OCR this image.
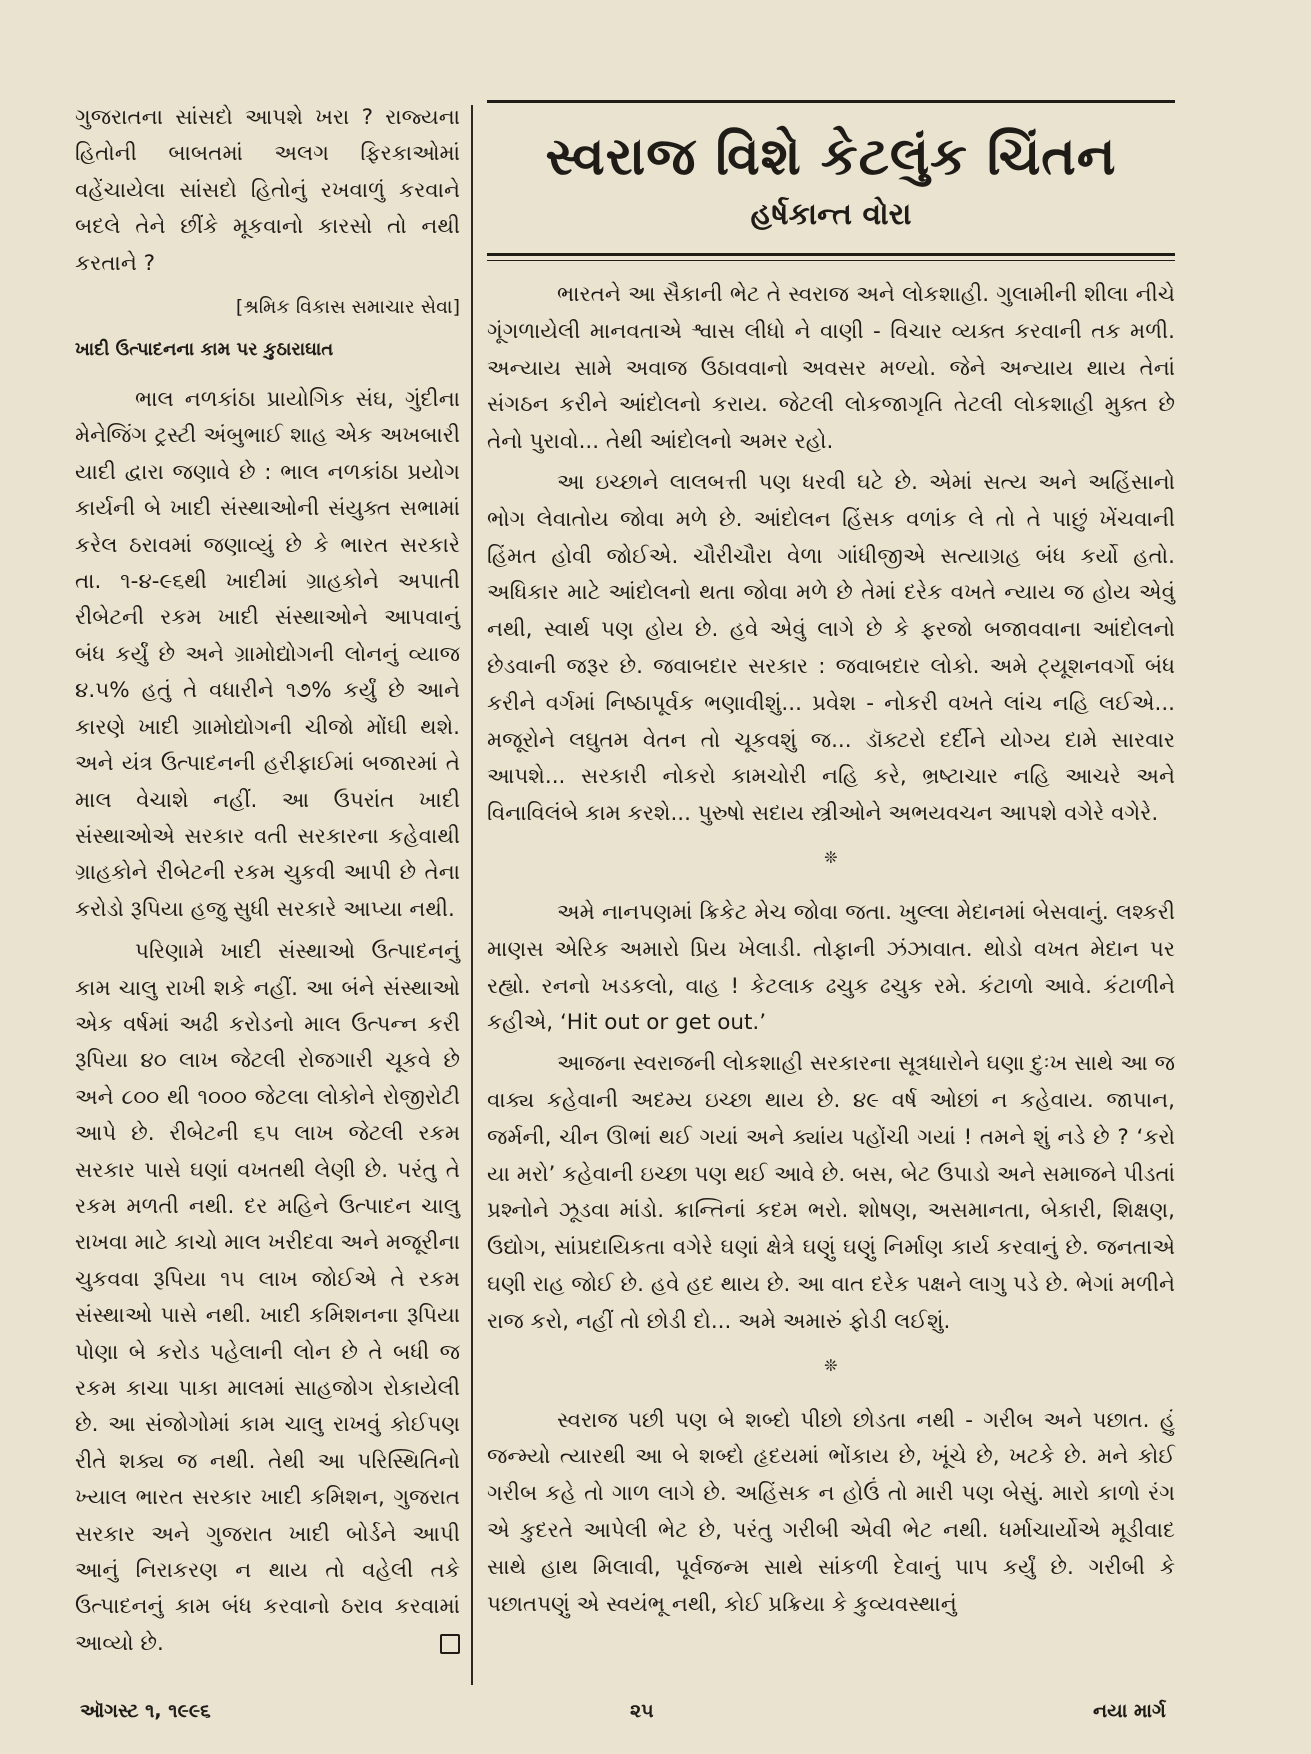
ગુજરાતના સાંસદો આપશે ખરા ? રાજ્યના હિતોની બાબતમાં અલગ ફિરકાઓમાં વહેંચાયેલા સાંસદો હિતોનું રખવાળું કરવાને બદલે તેને છીંકે મૂકવાનો કારસો તો નથી કરતાને ?

[શ્રમિક વિકાસ સમાચાર સેવા]
ખાદી ઉત્પાદનના કામ પર કુઠારાઘાત

ભાલ નળકાંઠા પ્રાયોગિક સંઘ, ગુંદીના મેનેજિંગ ટ્રસ્ટી અંબુભાઈ શાહ એક અખબારી યાદી દ્વારા જણાવે છે : ભાલ નળકાંઠા પ્રયોગ કાર્યની બે ખાદી સંસ્થાઓની સંયુક્ત સભામાં કરેલ ઠરાવમાં જણાવ્યું છે કે ભારત સરકારે તા. ૧-૪-૯૬થી ખાદીમાં ગ્રાહકોને અપાતી રીબેટની રકમ ખાદી સંસ્થાઓને આપવાનું બંધ કર્યું છે અને ગ્રામોદ્યોગની લોનનું વ્યાજ ૪.૫% હતું તે વધારીને ૧૭% કર્યું છે આને કારણે ખાદી ગ્રામોદ્યોગની ચીજો મોંઘી થશે. અને યંત્ર ઉત્પાદનની હરીફાઈમાં બજારમાં તે માલ વેચાશે નહીં. આ ઉપરાંત ખાદી સંસ્થાઓએ સરકાર વતી સરકારના કહેવાથી ગ્રાહકોને રીબેટની રકમ ચુકવી આપી છે તેના કરોડો રૂપિયા હજુ સુધી સરકારે આપ્યા નથી.

પરિણામે ખાદી સંસ્થાઓ ઉત્પાદનનું કામ ચાલુ રાખી શકે નહીં. આ બંને સંસ્થાઓ એક વર્ષમાં અઢી કરોડનો માલ ઉત્પન્ન કરી રૂપિયા ૪૦ લાખ જેટલી રોજગારી ચૂકવે છે અને ૮૦૦ થી ૧૦૦૦ જેટલા લોકોને રોજીરોટી આપે છે. રીબેટની ૬૫ લાખ જેટલી રકમ સરકાર પાસે ઘણાં વખતથી લેણી છે. પરંતુ તે રકમ મળતી નથી. દર મહિને ઉત્પાદન ચાલુ રાખવા માટે કાચો માલ ખરીદવા અને મજૂરીના ચુકવવા રૂપિયા ૧૫ લાખ જોઈએ તે રકમ સંસ્થાઓ પાસે નથી. ખાદી કમિશનના રૂપિયા પોણા બે કરોડ પહેલાની લોન છે તે બધી જ રકમ કાચા પાકા માલમાં સાહજોગ રોકાયેલી છે. આ સંજોગોમાં કામ ચાલુ રાખવું કોઈપણ રીતે શક્ય જ નથી. તેથી આ પરિસ્થિતિનો ખ્યાલ ભારત સરકાર ખાદી કમિશન, ગુજરાત સરકાર અને ગુજરાત ખાદી બોર્ડને આપી આનું નિરાકરણ ન થાય તો વહેલી તકે ઉત્પાદનનું કામ બંધ કરવાનો ઠરાવ કરવામાં આવ્યો છે.

સ્વરાજ વિશે કેટલુંક ચિંતન
હર્ષકાન્ત વોરા

ભારતને આ સૈકાની ભેટ તે સ્વરાજ અને લોકશાહી. ગુલામીની શીલા નીચે ગૂંગળાયેલી માનવતાએ શ્વાસ લીધો ને વાણી - વિચાર વ્યક્ત કરવાની તક મળી. અન્યાય સામે અવાજ ઉઠાવવાનો અવસર મળ્યો. જેને અન્યાય થાય તેનાં સંગઠન કરીને આંદોલનો કરાય. જેટલી લોકજાગૃતિ તેટલી લોકશાહી મુક્ત છે તેનો પુરાવો... તેથી આંદોલનો અમર રહો.

આ ઇચ્છાને લાલબત્તી પણ ધરવી ઘટે છે. એમાં સત્ય અને અહિંસાનો ભોગ લેવાતોય જોવા મળે છે. આંદોલન હિંસક વળાંક લે તો તે પાછું ખેંચવાની હિંમત હોવી જોઈએ. ચૌરીચૌરા વેળા ગાંધીજીએ સત્યાગ્રહ બંધ કર્યો હતો. અધિકાર માટે આંદોલનો થતા જોવા મળે છે તેમાં દરેક વખતે ન્યાય જ હોય એવું નથી, સ્વાર્થ પણ હોય છે. હવે એવું લાગે છે કે ફરજો બજાવવાના આંદોલનો છેડવાની જરૂર છે. જવાબદાર સરકાર : જવાબદાર લોકો. અમે ટ્યૂશનવર્ગો બંધ કરીને વર્ગમાં નિષ્ઠાપૂર્વક ભણાવીશું... પ્રવેશ - નોકરી વખતે લાંચ નહિ લઈએ... મજૂરોને લઘુતમ વેતન તો ચૂકવશું જ... ડૉક્ટરો દર્દીને યોગ્ય દામે સારવાર આપશે... સરકારી નોકરો કામચોરી નહિ કરે, ભ્રષ્ટાચાર નહિ આચરે અને વિનાવિલંબે કામ કરશે... પુરુષો સદાય સ્ત્રીઓને અભયવચન આપશે વગેરે વગેરે.

❊

અમે નાનપણમાં ક્રિકેટ મેચ જોવા જતા. ખુલ્લા મેદાનમાં બેસવાનું. લશ્કરી માણસ એરિક અમારો પ્રિય ખેલાડી. તોફાની ઝંઝાવાત. થોડો વખત મેદાન પર રહ્યો. રનનો ખડકલો, વાહ ! કેટલાક ઢચુક ઢચુક રમે. કંટાળો આવે. કંટાળીને કહીએ, ‘Hit out or get out.’

આજના સ્વરાજની લોકશાહી સરકારના સૂત્રધારોને ઘણા દુઃખ સાથે આ જ વાક્ય કહેવાની અદમ્ય ઇચ્છા થાય છે. ૪૯ વર્ષ ઓછાં ન કહેવાય. જાપાન, જર્મની, ચીન ઊભાં થઈ ગયાં અને ક્યાંય પહોંચી ગયાં ! તમને શું નડે છે ? ‘કરો યા મરો’ કહેવાની ઇચ્છા પણ થઈ આવે છે. બસ, બેટ ઉપાડો અને સમાજને પીડતાં પ્રશ્નોને ઝૂડવા માંડો. ક્રાન્તિનાં કદમ ભરો. શોષણ, અસમાનતા, બેકારી, શિક્ષણ, ઉદ્યોગ, સાંપ્રદાયિકતા વગેરે ઘણાં ક્ષેત્રે ઘણું ઘણું નિર્માણ કાર્ય કરવાનું છે. જનતાએ ઘણી રાહ જોઈ છે. હવે હદ થાય છે. આ વાત દરેક પક્ષને લાગુ પડે છે. ભેગાં મળીને રાજ કરો, નહીં તો છોડી દો... અમે અમારું ફોડી લઈશું.

❊

સ્વરાજ પછી પણ બે શબ્દો પીછો છોડતા નથી - ગરીબ અને પછાત. હું જન્મ્યો ત્યારથી આ બે શબ્દો હૃદયમાં ભોંકાય છે, ખૂંચે છે, ખટકે છે. મને કોઈ ગરીબ કહે તો ગાળ લાગે છે. અહિંસક ન હોઉં તો મારી પણ બેસું. મારો કાળો રંગ એ કુદરતે આપેલી ભેટ છે, પરંતુ ગરીબી એવી ભેટ નથી. ધર્માચાર્યોએ મૂડીવાદ સાથે હાથ મિલાવી, પૂર્વજન્મ સાથે સાંકળી દેવાનું પાપ કર્યું છે. ગરીબી કે પછાતપણું એ સ્વયંભૂ નથી, કોઈ પ્રક્રિયા કે કુવ્યવસ્થાનું

ઑગસ્ટ ૧, ૧૯૯૬	૨૫	નયા માર્ગ
